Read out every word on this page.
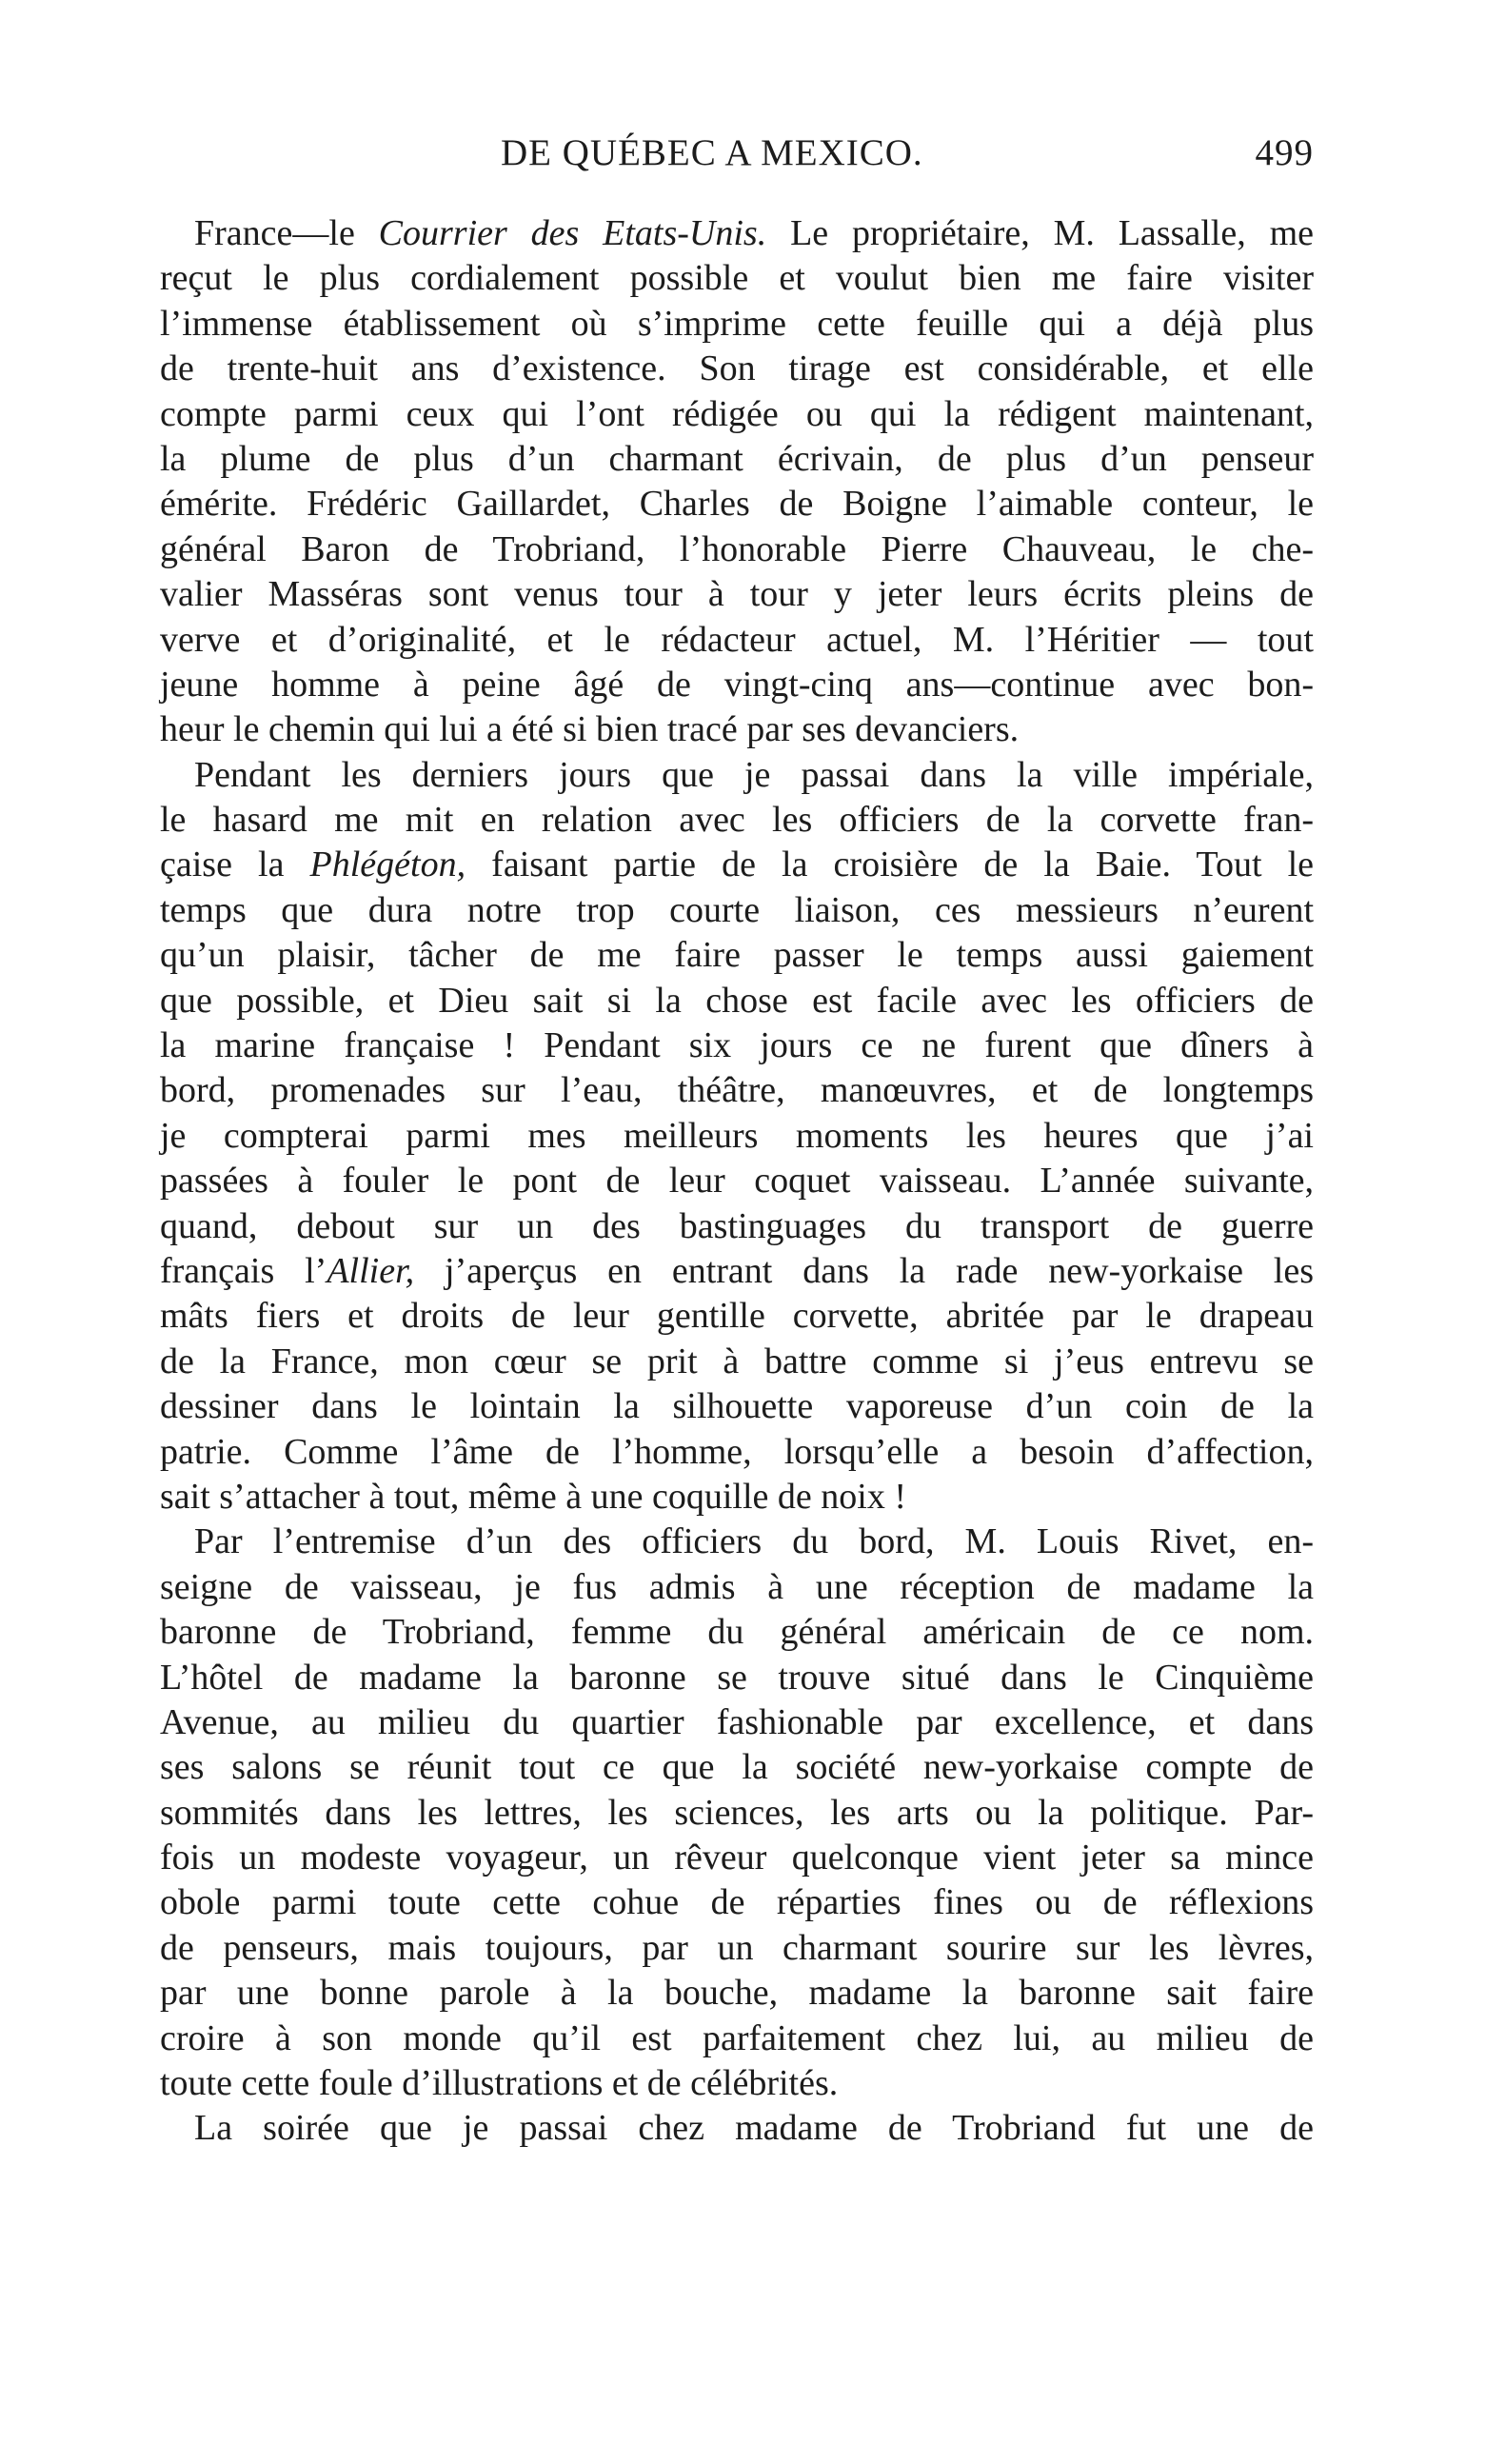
DE QUÉBEC A MEXICO.	499
France—le Courrier des Etats-Unis. Le propriétaire, M. Lassalle, me
reçut le plus cordialement possible et voulut bien me faire visiter
l’immense établissement où s’imprime cette feuille qui a déjà plus
de trente-huit ans d’existence. Son tirage est considérable, et elle
compte parmi ceux qui l’ont rédigée ou qui la rédigent maintenant,
la plume de plus d’un charmant écrivain, de plus d’un penseur
émérite. Frédéric Gaillardet, Charles de Boigne l’aimable conteur, le
général Baron de Trobriand, l’honorable Pierre Chauveau, le che-
valier Masséras sont venus tour à tour y jeter leurs écrits pleins de
verve et d’originalité, et le rédacteur actuel, M. l’Héritier — tout
jeune homme à peine âgé de vingt-cinq ans—continue avec bon-
heur le chemin qui lui a été si bien tracé par ses devanciers.
Pendant les derniers jours que je passai dans la ville impériale,
le hasard me mit en relation avec les officiers de la corvette fran-
çaise la Phlégéton, faisant partie de la croisière de la Baie. Tout le
temps que dura notre trop courte liaison, ces messieurs n’eurent
qu’un plaisir, tâcher de me faire passer le temps aussi gaiement
que possible, et Dieu sait si la chose est facile avec les officiers de
la marine française ! Pendant six jours ce ne furent que dîners à
bord, promenades sur l’eau, théâtre, manœuvres, et de longtemps
je compterai parmi mes meilleurs moments les heures que j’ai
passées à fouler le pont de leur coquet vaisseau. L’année suivante,
quand, debout sur un des bastinguages du transport de guerre
français l’Allier, j’aperçus en entrant dans la rade new-yorkaise les
mâts fiers et droits de leur gentille corvette, abritée par le drapeau
de la France, mon cœur se prit à battre comme si j’eus entrevu se
dessiner dans le lointain la silhouette vaporeuse d’un coin de la
patrie. Comme l’âme de l’homme, lorsqu’elle a besoin d’affection,
sait s’attacher à tout, même à une coquille de noix !
Par l’entremise d’un des officiers du bord, M. Louis Rivet, en-
seigne de vaisseau, je fus admis à une réception de madame la
baronne de Trobriand, femme du général américain de ce nom.
L’hôtel de madame la baronne se trouve situé dans le Cinquième
Avenue, au milieu du quartier fashionable par excellence, et dans
ses salons se réunit tout ce que la société new-yorkaise compte de
sommités dans les lettres, les sciences, les arts ou la politique. Par-
fois un modeste voyageur, un rêveur quelconque vient jeter sa mince
obole parmi toute cette cohue de réparties fines ou de réflexions
de penseurs, mais toujours, par un charmant sourire sur les lèvres,
par une bonne parole à la bouche, madame la baronne sait faire
croire à son monde qu’il est parfaitement chez lui, au milieu de
toute cette foule d’illustrations et de célébrités.
La soirée que je passai chez madame de Trobriand fut une de
